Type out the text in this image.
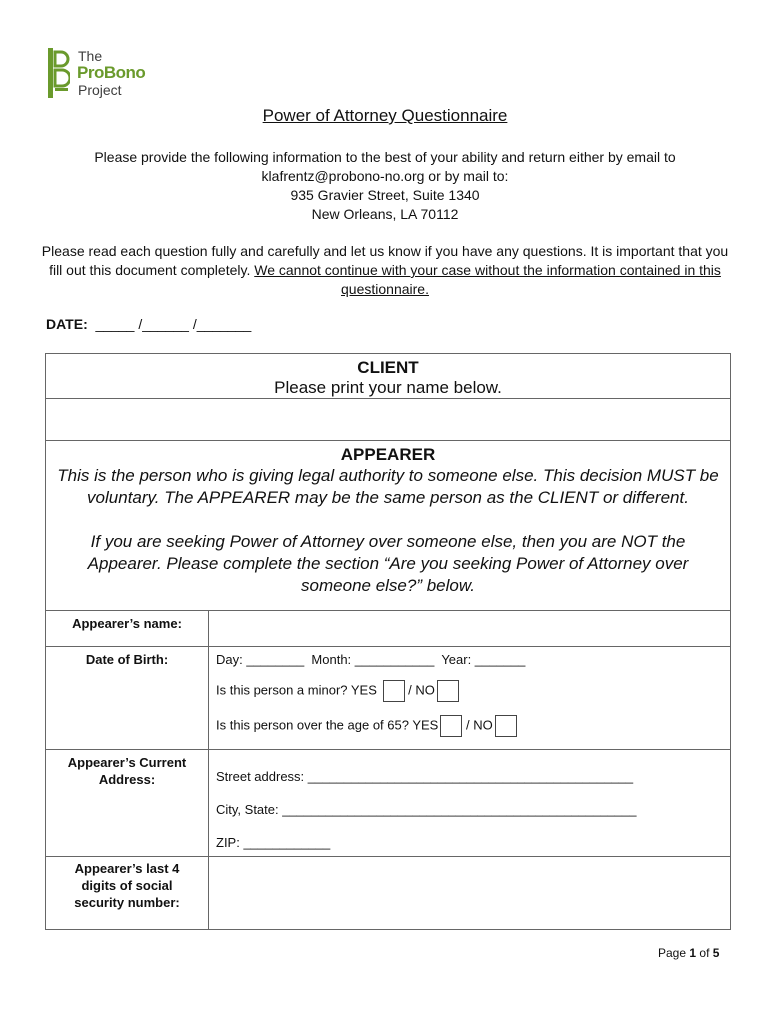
The
ProBono
Project
Power of Attorney Questionnaire
Please provide the following information to the best of your ability and return either by email to
klafrentz@probono-no.org or by mail to:
935 Gravier Street, Suite 1340
New Orleans, LA 70112
Please read each question fully and carefully and let us know if you have any questions. It is important that you fill out this document completely. We cannot continue with your case without the information contained in this questionnaire.
DATE: _____ /______ /_______
CLIENT
Please print your name below.
APPEARER
This is the person who is giving legal authority to someone else. This decision MUST be voluntary. The APPEARER may be the same person as the CLIENT or different.
If you are seeking Power of Attorney over someone else, then you are NOT the Appearer. Please complete the section “Are you seeking Power of Attorney over someone else?” below.
Appearer’s name:
Date of Birth:	Day: ________ Month: ___________ Year: _______
Is this person a minor? YES / NO
Is this person over the age of 65? YES / NO
Appearer’s Current Address:	Street address: _____________________________________________
City, State: _________________________________________________
ZIP: ____________
Appearer’s last 4 digits of social security number:
Page 1 of 5
